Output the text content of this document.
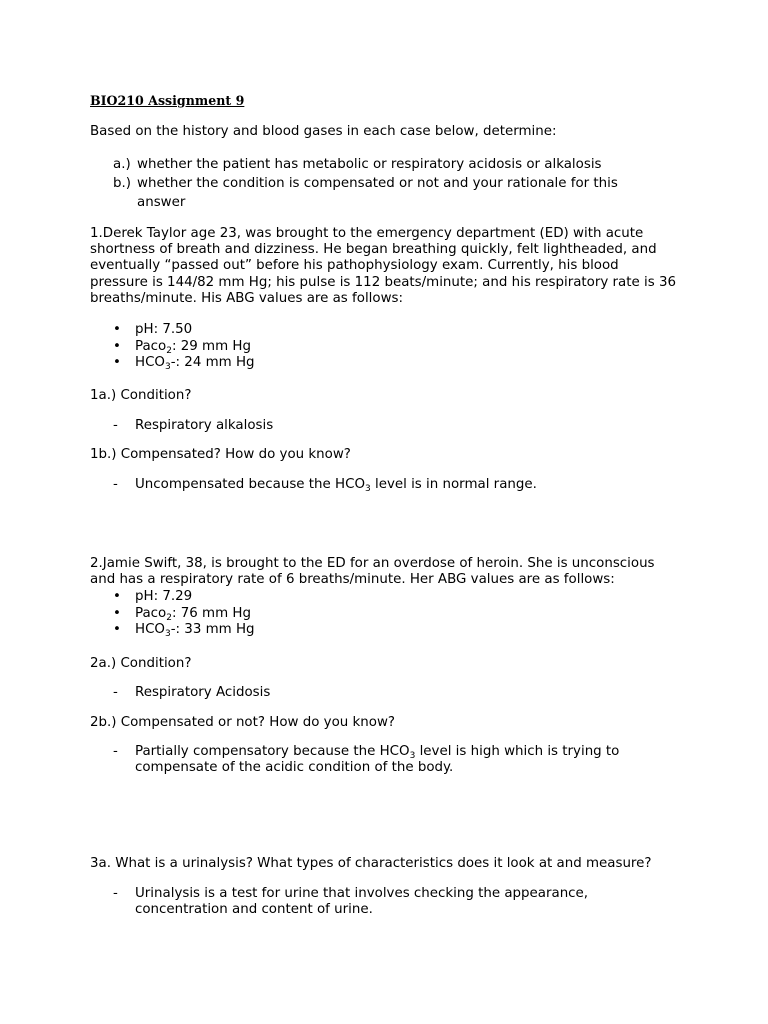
BIO210 Assignment 9

Based on the history and blood gases in each case below, determine:

a.) whether the patient has metabolic or respiratory acidosis or alkalosis
b.) whether the condition is compensated or not and your rationale for this answer

1.Derek Taylor age 23, was brought to the emergency department (ED) with acute shortness of breath and dizziness. He began breathing quickly, felt lightheaded, and eventually “passed out” before his pathophysiology exam. Currently, his blood pressure is 144/82 mm Hg; his pulse is 112 beats/minute; and his respiratory rate is 36 breaths/minute. His ABG values are as follows:

•	pH: 7.50
•	Paco$_2$: 29 mm Hg
•	$HCO_3-$: 24 mm Hg

1a.) Condition?

-	Respiratory alkalosis

1b.) Compensated? How do you know?

-	Uncompensated because the $HCO_3$ level is in normal range.

2.Jamie Swift, 38, is brought to the ED for an overdose of heroin. She is unconscious and has a respiratory rate of 6 breaths/minute. Her ABG values are as follows:

•	pH: 7.29
•	Paco$_2$: 76 mm Hg
•	$HCO_3-$: 33 mm Hg

2a.) Condition?

-	Respiratory Acidosis

2b.) Compensated or not? How do you know?

-	Partially compensatory because the $HCO_3$ level is high which is trying to compensate of the acidic condition of the body.

3a. What is a urinalysis? What types of characteristics does it look at and measure?

-	Urinalysis is a test for urine that involves checking the appearance, concentration and content of urine.
